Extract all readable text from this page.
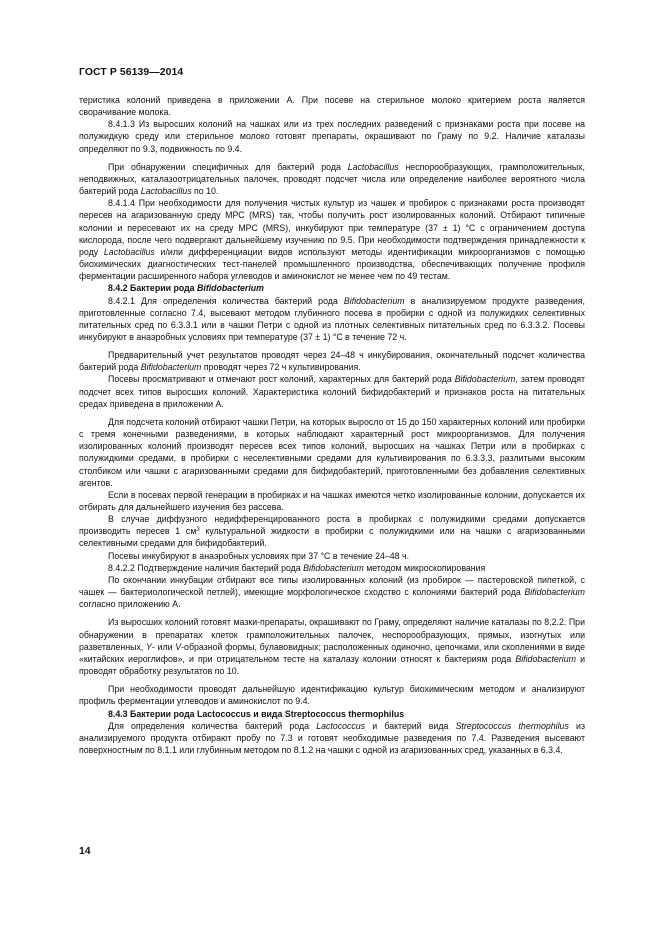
ГОСТ Р 56139—2014

теристика колоний приведена в приложении А. При посеве на стерильное молоко критерием роста является сворачивание молока.

8.4.1.3 Из выросших колоний на чашках или из трех последних разведений с признаками роста при посеве на полужидкую среду или стерильное молоко готовят препараты, окрашивают по Граму по 9.2. Наличие каталазы определяют по 9.3, подвижность по 9.4.

При обнаружении специфичных для бактерий рода Lactobacillus неспорообразующих, грамположительных, неподвижных, каталазоотрицательных палочек, проводят подсчет числа или определение наиболее вероятного числа бактерий рода Lactobacillus по 10.

8.4.1.4 При необходимости для получения чистых культур из чашек и пробирок с признаками роста производят пересев на агаризованную среду МРС (MRS) так, чтобы получить рост изолированных колоний. Отбирают типичные колонии и пересевают их на среду МРС (MRS), инкубируют при температуре (37 ± 1) °С с ограничением доступа кислорода, после чего подвергают дальнейшему изучению по 9.5. При необходимости подтверждения принадлежности к роду Lactobacillus и/или дифференциации видов используют методы идентификации микроорганизмов с помощью биохимических диагностических тест-панелей промышленного производства, обеспечивающих получение профиля ферментации расширенного набора углеводов и аминокислот не менее чем по 49 тестам.

8.4.2 Бактерии рода Bifidobacterium

8.4.2.1 Для определения количества бактерий рода Bifidobacterium в анализируемом продукте разведения, приготовленные согласно 7.4, высевают методом глубинного посева в пробирки с одной из полужидких селективных питательных сред по 6.3.3.1 или в чашки Петри с одной из плотных селективных питательных сред по 6.3.3.2. Посевы инкубируют в анаэробных условиях при температуре (37 ± 1) °С в течение 72 ч.

Предварительный учет результатов проводят через 24–48 ч инкубирования, окончательный подсчет количества бактерий рода Bifidobacterium проводят через 72 ч культивирования.

Посевы просматривают и отмечают рост колоний, характерных для бактерий рода Bifidobacterium, затем проводят подсчет всех типов выросших колоний. Характеристика колоний бифидобактерий и признаков роста на питательных средах приведена в приложении А.

Для подсчета колоний отбирают чашки Петри, на которых выросло от 15 до 150 характерных колоний или пробирки с тремя конечными разведениями, в которых наблюдают характерный рост микроорганизмов. Для получения изолированных колоний производят пересев всех типов колоний, выросших на чашках Петри или в пробирках с полужидкими средами, в пробирки с неселективными средами для культивирования по 6.3.3.3, разлитыми высоким столбиком или чашки с агаризованными средами для бифидобактерий, приготовленными без добавления селективных агентов.

Если в посевах первой генерации в пробирках и на чашках имеются четко изолированные колонии, допускается их отбирать для дальнейшего изучения без рассева.

В случае диффузного недифференцированного роста в пробирках с полужидкими средами допускается производить пересев 1 $см^3$ культуральной жидкости в пробирки с полужидкими или на чашки с агаризованными селективными средами для бифидобактерий.

Посевы инкубируют в анаэробных условиях при 37 °С в течение 24–48 ч.

8.4.2.2 Подтверждение наличия бактерий рода Bifidobacterium методом микроскопирования

По окончании инкубации отбирают все типы изолированных колоний (из пробирок — пастеровской пипеткой, с чашек — бактериологической петлей), имеющие морфологическое сходство с колониями бактерий рода Bifidobacterium согласно приложению А.

Из выросших колоний готовят мазки-препараты, окрашивают по Граму, определяют наличие каталазы по 8.2.2. При обнаружении в препаратах клеток грамположительных палочек, неспорообразующих, прямых, изогнутых или разветвленных, Y- или V-образной формы, булавовидных; расположенных одиночно, цепочками, или скоплениями в виде «китайских иероглифов», и при отрицательном тесте на каталазу колонии относят к бактериям рода Bifidobacterium и проводят обработку результатов по 10.

При необходимости проводят дальнейшую идентификацию культур биохимическим методом и анализируют профиль ферментации углеводов и аминокислот по 9.4.

8.4.3 Бактерии рода Lactococcus и вида Streptococcus thermophilus

Для определения количества бактерий рода Lactococcus и бактерий вида Streptococcus thermophilus из анализируемого продукта отбирают пробу по 7.3 и готовят необходимые разведения по 7.4. Разведения высевают поверхностным по 8.1.1 или глубинным методом по 8.1.2 на чашки с одной из агаризованных сред, указанных в 6.3.4.

14
